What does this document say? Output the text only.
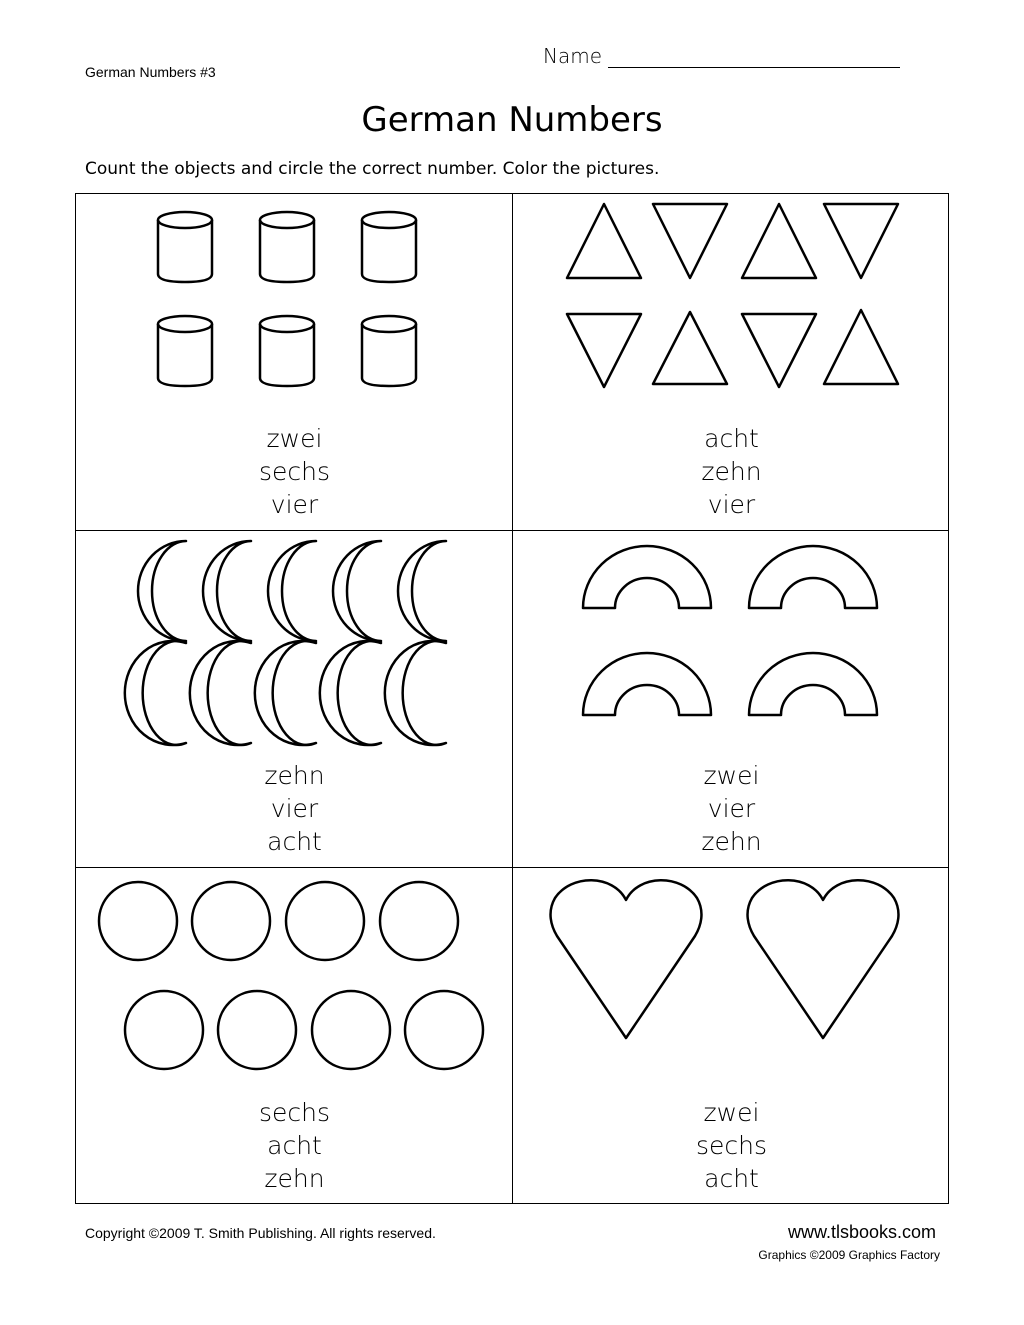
German Numbers #3
Name
German Numbers
Count the objects and circle the correct number. Color the pictures.
zwei
sechs
vier
acht
zehn
vier
zehn
vier
acht
zwei
vier
zehn
sechs
acht
zehn
zwei
sechs
acht
Copyright ©2009 T. Smith Publishing. All rights reserved.	www.tlsbooks.com
Graphics ©2009 Graphics Factory
